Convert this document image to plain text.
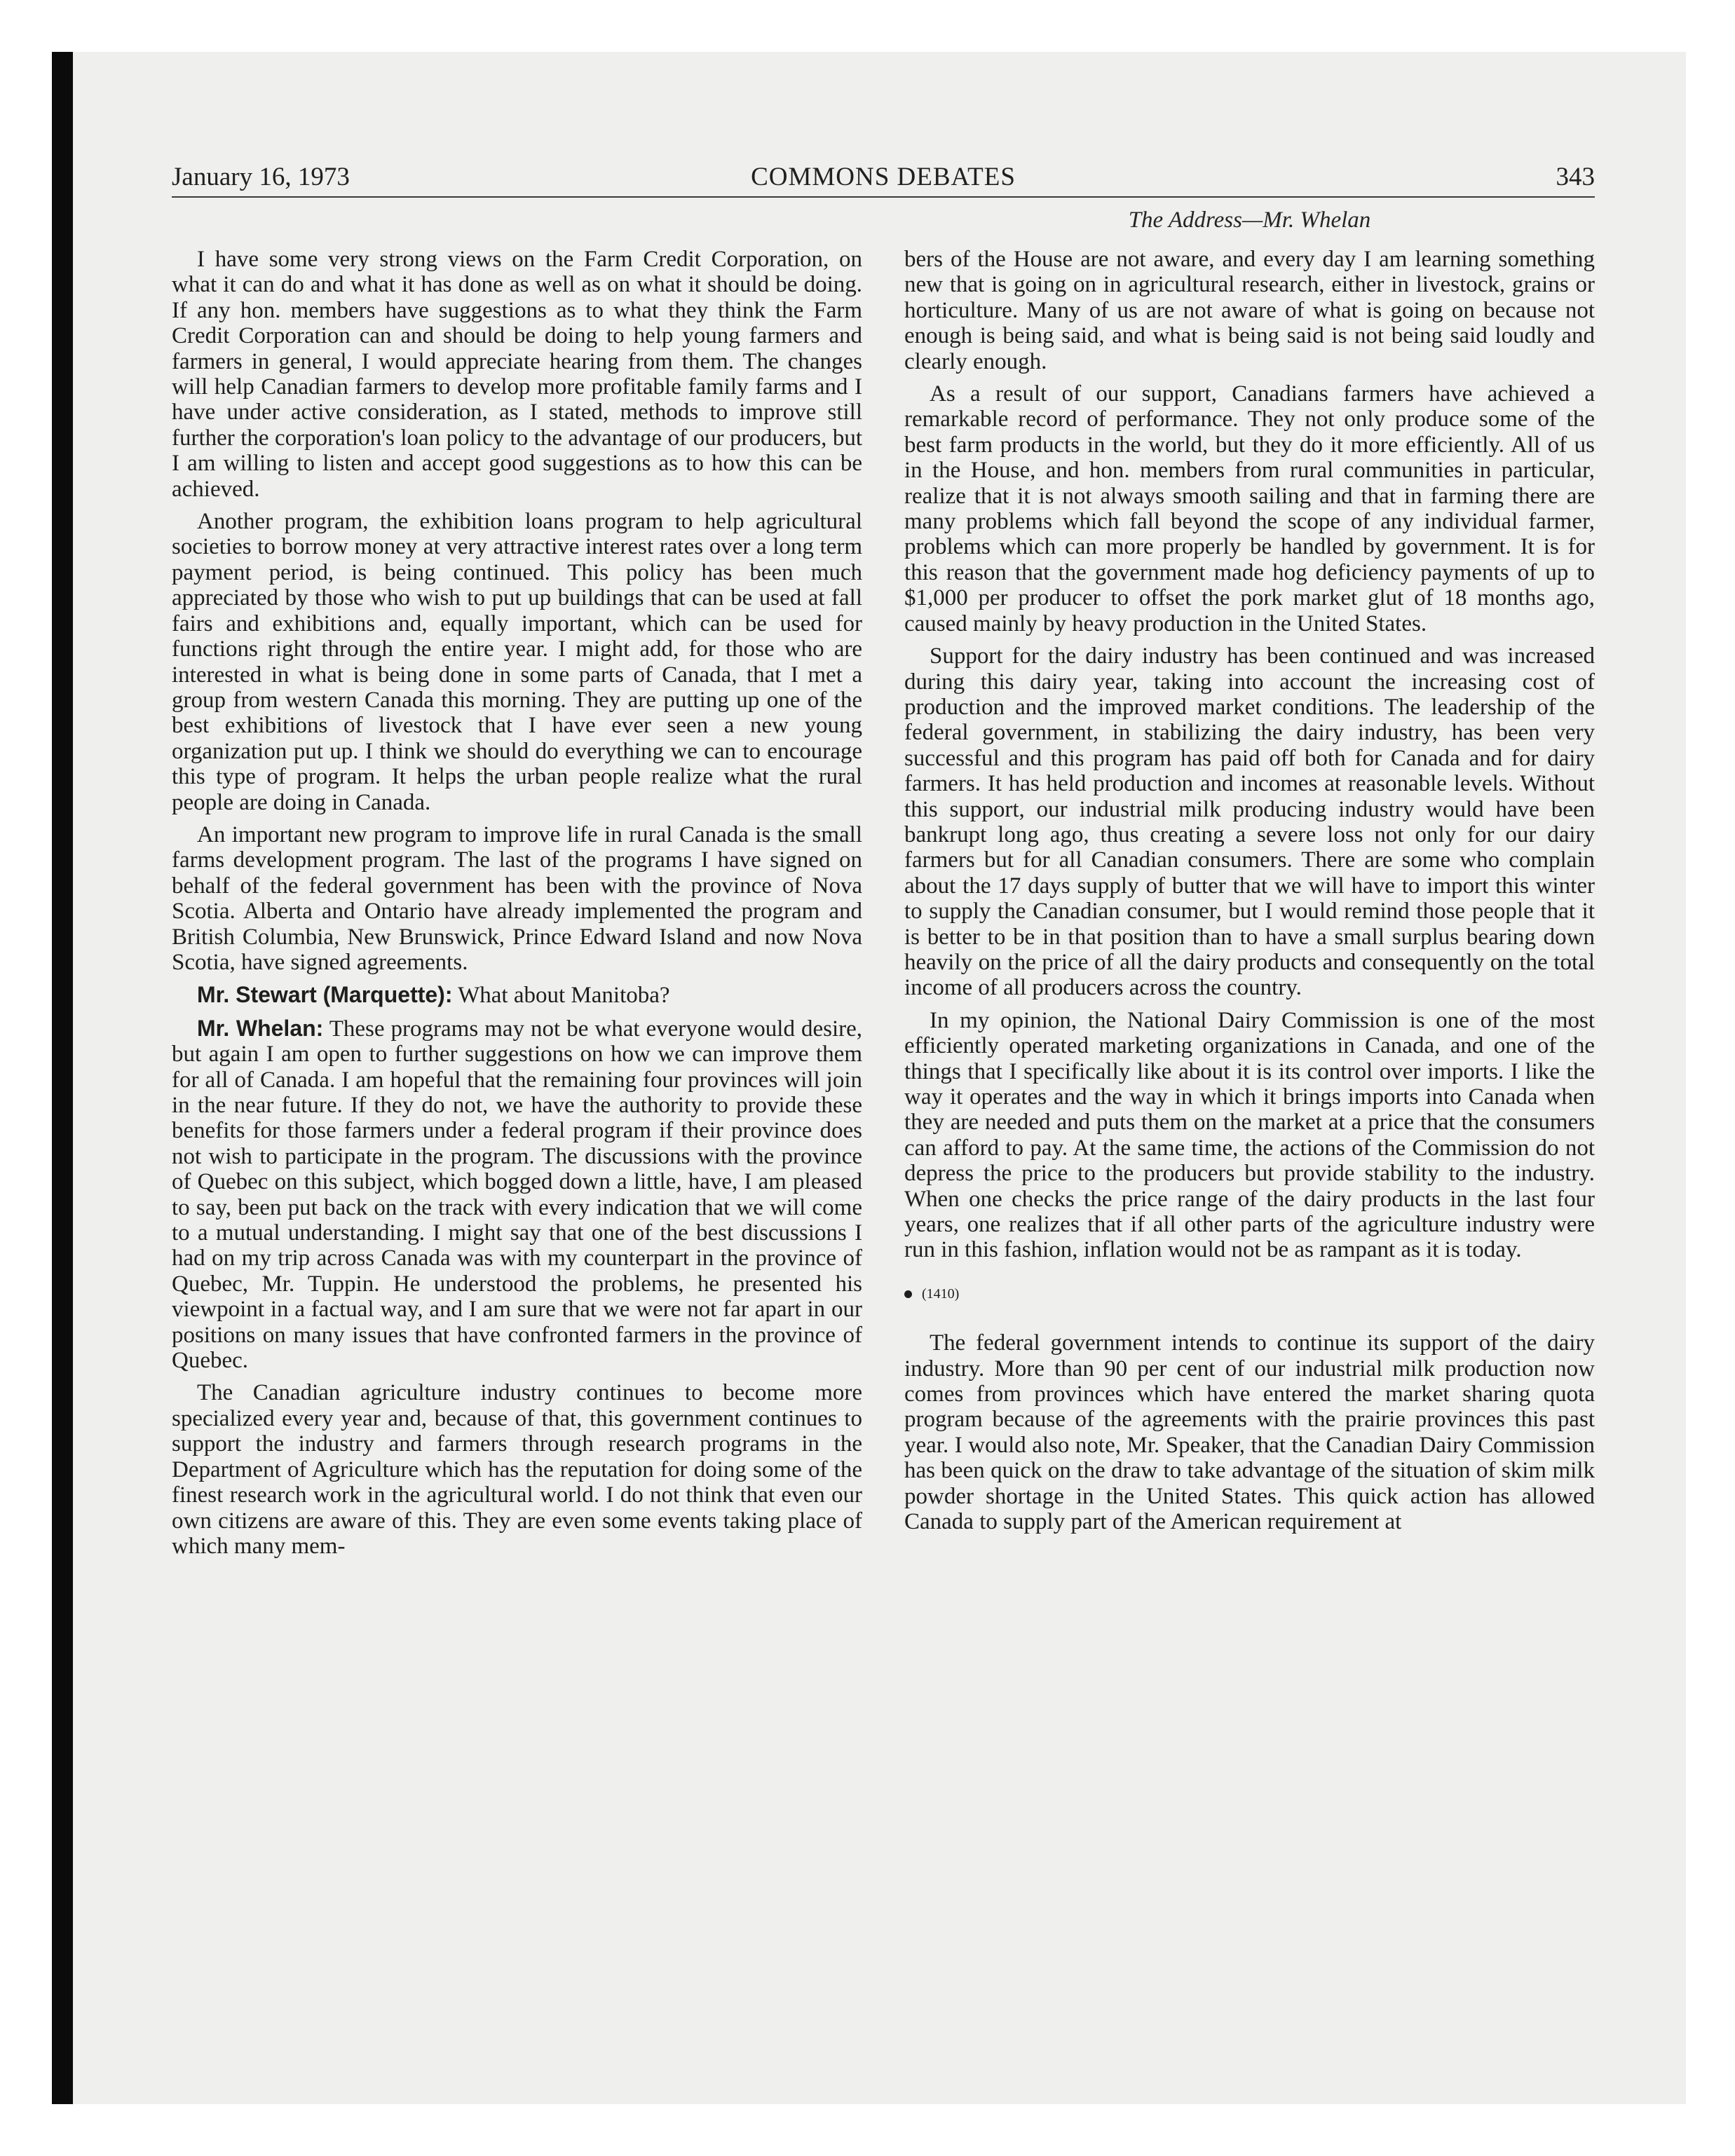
January 16, 1973	COMMONS DEBATES	343
The Address—Mr. Whelan

I have some very strong views on the Farm Credit Corporation, on what it can do and what it has done as well as on what it should be doing. If any hon. members have suggestions as to what they think the Farm Credit Corporation can and should be doing to help young farmers and farmers in general, I would appreciate hearing from them. The changes will help Canadian farmers to develop more profitable family farms and I have under active consideration, as I stated, methods to improve still further the corporation's loan policy to the advantage of our producers, but I am willing to listen and accept good suggestions as to how this can be achieved.

Another program, the exhibition loans program to help agricultural societies to borrow money at very attractive interest rates over a long term payment period, is being continued. This policy has been much appreciated by those who wish to put up buildings that can be used at fall fairs and exhibitions and, equally important, which can be used for functions right through the entire year. I might add, for those who are interested in what is being done in some parts of Canada, that I met a group from western Canada this morning. They are putting up one of the best exhibitions of livestock that I have ever seen a new young organization put up. I think we should do everything we can to encourage this type of program. It helps the urban people realize what the rural people are doing in Canada.

An important new program to improve life in rural Canada is the small farms development program. The last of the programs I have signed on behalf of the federal government has been with the province of Nova Scotia. Alberta and Ontario have already implemented the program and British Columbia, New Brunswick, Prince Edward Island and now Nova Scotia, have signed agreements.

Mr. Stewart (Marquette): What about Manitoba?

Mr. Whelan: These programs may not be what everyone would desire, but again I am open to further suggestions on how we can improve them for all of Canada. I am hopeful that the remaining four provinces will join in the near future. If they do not, we have the authority to provide these benefits for those farmers under a federal program if their province does not wish to participate in the program. The discussions with the province of Quebec on this subject, which bogged down a little, have, I am pleased to say, been put back on the track with every indication that we will come to a mutual understanding. I might say that one of the best discussions I had on my trip across Canada was with my counterpart in the province of Quebec, Mr. Tuppin. He understood the problems, he presented his viewpoint in a factual way, and I am sure that we were not far apart in our positions on many issues that have confronted farmers in the province of Quebec.

The Canadian agriculture industry continues to become more specialized every year and, because of that, this government continues to support the industry and farmers through research programs in the Department of Agriculture which has the reputation for doing some of the finest research work in the agricultural world. I do not think that even our own citizens are aware of this. They are even some events taking place of which many mem-

bers of the House are not aware, and every day I am learning something new that is going on in agricultural research, either in livestock, grains or horticulture. Many of us are not aware of what is going on because not enough is being said, and what is being said is not being said loudly and clearly enough.

As a result of our support, Canadians farmers have achieved a remarkable record of performance. They not only produce some of the best farm products in the world, but they do it more efficiently. All of us in the House, and hon. members from rural communities in particular, realize that it is not always smooth sailing and that in farming there are many problems which fall beyond the scope of any individual farmer, problems which can more properly be handled by government. It is for this reason that the government made hog deficiency payments of up to $1,000 per producer to offset the pork market glut of 18 months ago, caused mainly by heavy production in the United States.

Support for the dairy industry has been continued and was increased during this dairy year, taking into account the increasing cost of production and the improved market conditions. The leadership of the federal government, in stabilizing the dairy industry, has been very successful and this program has paid off both for Canada and for dairy farmers. It has held production and incomes at reasonable levels. Without this support, our industrial milk producing industry would have been bankrupt long ago, thus creating a severe loss not only for our dairy farmers but for all Canadian consumers. There are some who complain about the 17 days supply of butter that we will have to import this winter to supply the Canadian consumer, but I would remind those people that it is better to be in that position than to have a small surplus bearing down heavily on the price of all the dairy products and consequently on the total income of all producers across the country.

In my opinion, the National Dairy Commission is one of the most efficiently operated marketing organizations in Canada, and one of the things that I specifically like about it is its control over imports. I like the way it operates and the way in which it brings imports into Canada when they are needed and puts them on the market at a price that the consumers can afford to pay. At the same time, the actions of the Commission do not depress the price to the producers but provide stability to the industry. When one checks the price range of the dairy products in the last four years, one realizes that if all other parts of the agriculture industry were run in this fashion, inflation would not be as rampant as it is today.

(1410)

The federal government intends to continue its support of the dairy industry. More than 90 per cent of our industrial milk production now comes from provinces which have entered the market sharing quota program because of the agreements with the prairie provinces this past year. I would also note, Mr. Speaker, that the Canadian Dairy Commission has been quick on the draw to take advantage of the situation of skim milk powder shortage in the United States. This quick action has allowed Canada to supply part of the American requirement at
